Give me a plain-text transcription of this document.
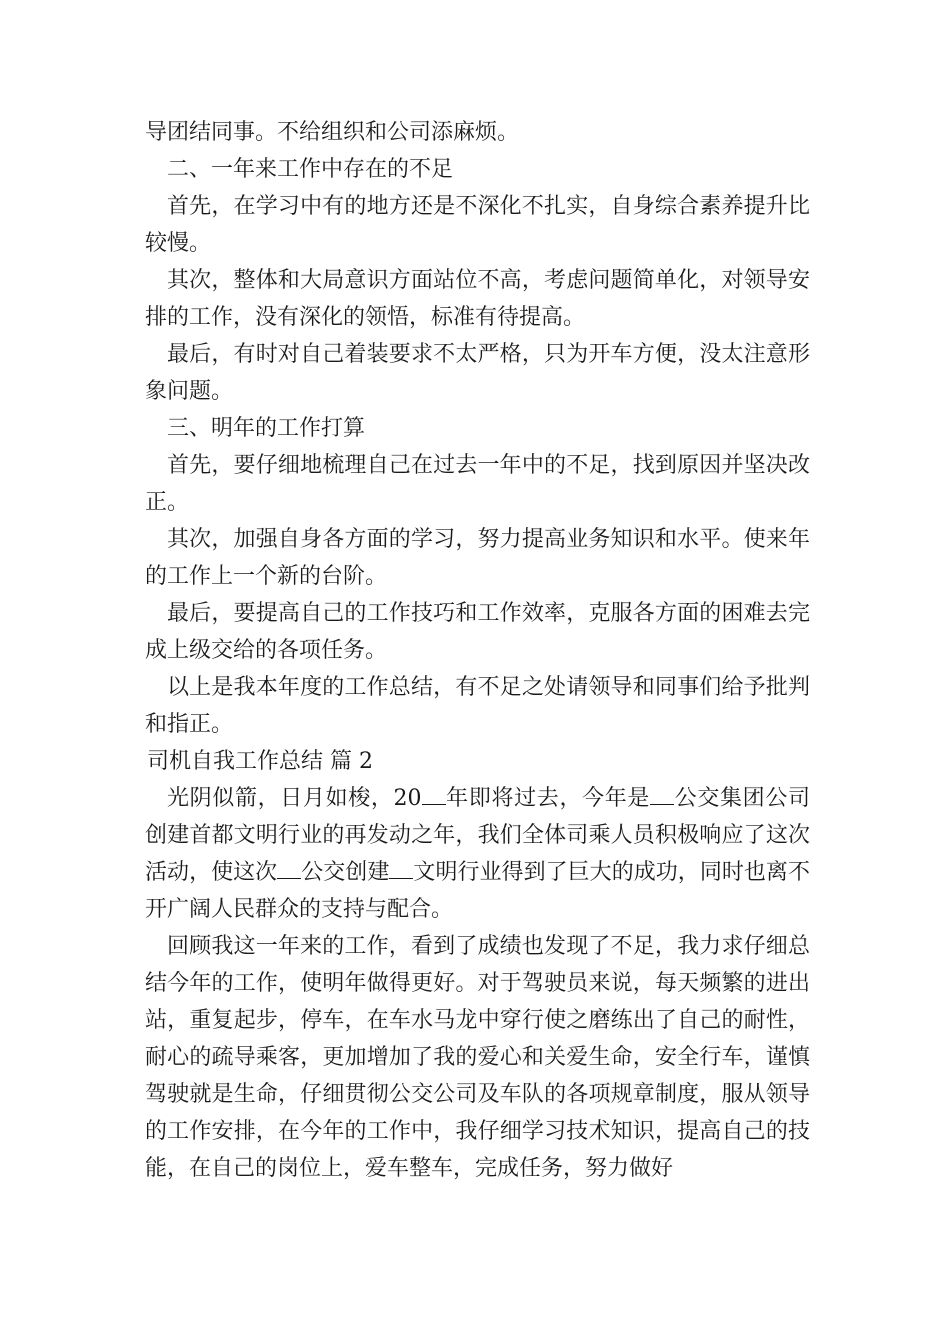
导团结同事。不给组织和公司添麻烦。

二、一年来工作中存在的不足

首先，在学习中有的地方还是不深化不扎实，自身综合素养提升比较慢。

其次，整体和大局意识方面站位不高，考虑问题简单化，对领导安排的工作，没有深化的领悟，标准有待提高。

最后，有时对自己着装要求不太严格，只为开车方便，没太注意形象问题。

三、明年的工作打算

首先，要仔细地梳理自己在过去一年中的不足，找到原因并坚决改正。

其次，加强自身各方面的学习，努力提高业务知识和水平。使来年的工作上一个新的台阶。

最后，要提高自己的工作技巧和工作效率，克服各方面的困难去完成上级交给的各项任务。

以上是我本年度的工作总结，有不足之处请领导和同事们给予批判和指正。

司机自我工作总结 篇 2

光阴似箭，日月如梭，20 年即将过去，今年是 公交集团公司创建首都文明行业的再发动之年，我们全体司乘人员积极响应了这次活动，使这次 公交创建 文明行业得到了巨大的成功，同时也离不开广阔人民群众的支持与配合。

回顾我这一年来的工作，看到了成绩也发现了不足，我力求仔细总结今年的工作，使明年做得更好。对于驾驶员来说，每天频繁的进出站，重复起步，停车，在车水马龙中穿行使之磨练出了自己的耐性，耐心的疏导乘客，更加增加了我的爱心和关爱生命，安全行车，谨慎驾驶就是生命，仔细贯彻公交公司及车队的各项规章制度，服从领导的工作安排，在今年的工作中，我仔细学习技术知识，提高自己的技能，在自己的岗位上，爱车整车，完成任务，努力做好
